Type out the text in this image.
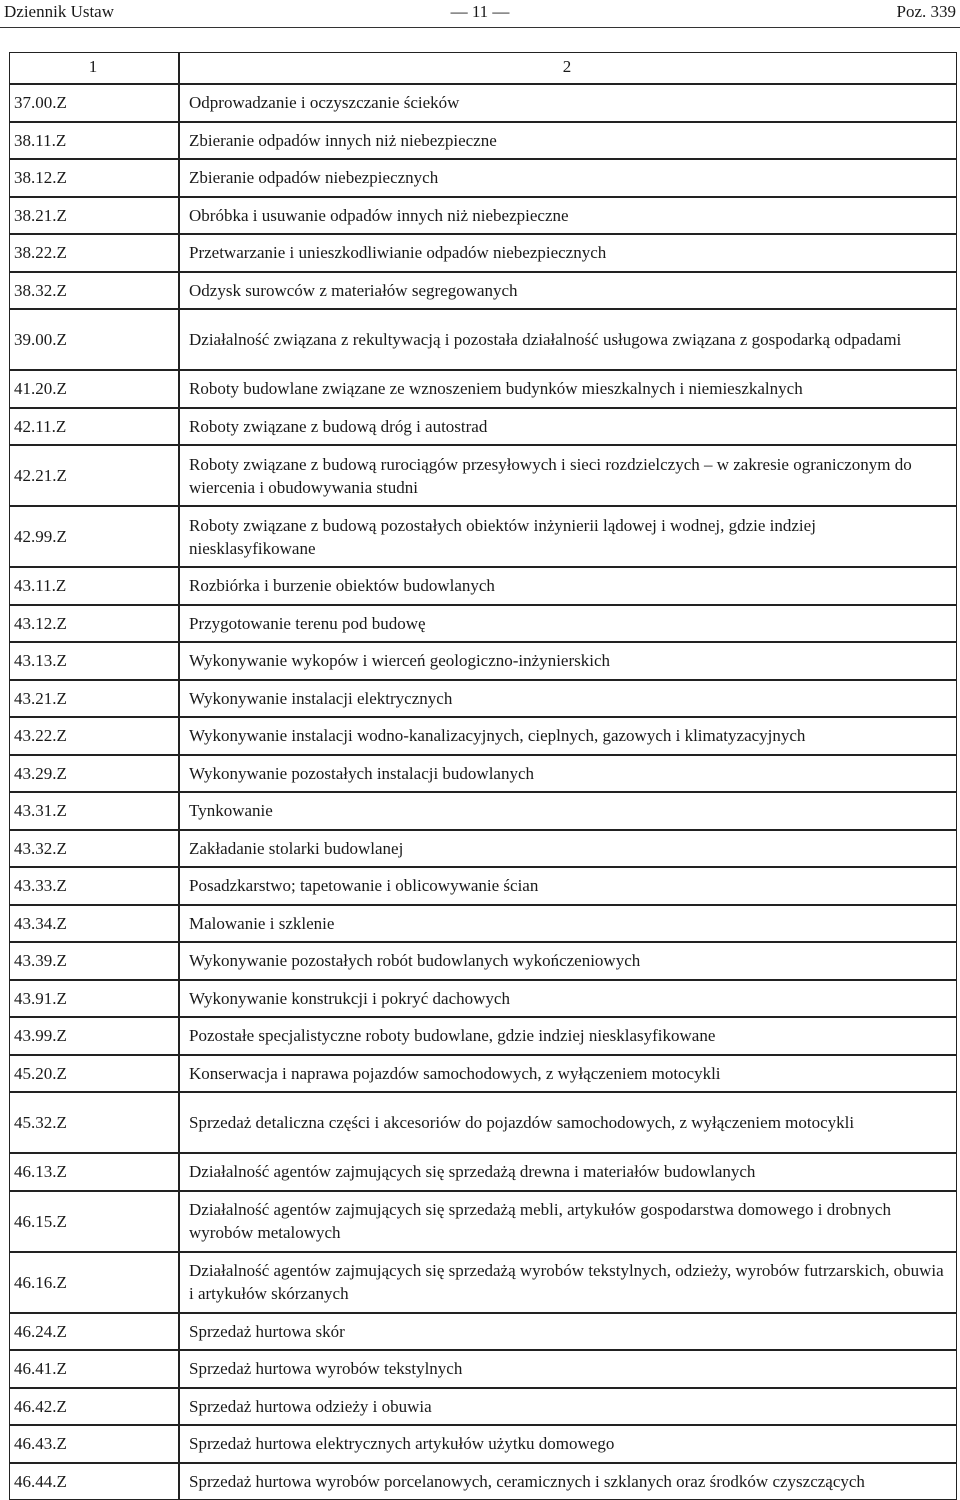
Dziennik Ustaw	— 11 —	Poz. 339
1	2
37.00.Z	Odprowadzanie i oczyszczanie ścieków
38.11.Z	Zbieranie odpadów innych niż niebezpieczne
38.12.Z	Zbieranie odpadów niebezpiecznych
38.21.Z	Obróbka i usuwanie odpadów innych niż niebezpieczne
38.22.Z	Przetwarzanie i unieszkodliwianie odpadów niebezpiecznych
38.32.Z	Odzysk surowców z materiałów segregowanych
39.00.Z	Działalność związana z rekultywacją i pozostała działalność usługowa związana z gospodarką odpadami
41.20.Z	Roboty budowlane związane ze wznoszeniem budynków mieszkalnych i niemieszkalnych
42.11.Z	Roboty związane z budową dróg i autostrad
42.21.Z	Roboty związane z budową rurociągów przesyłowych i sieci rozdzielczych – w zakresie ograniczonym do wiercenia i obudowywania studni
42.99.Z	Roboty związane z budową pozostałych obiektów inżynierii lądowej i wodnej, gdzie indziej niesklasyfikowane
43.11.Z	Rozbiórka i burzenie obiektów budowlanych
43.12.Z	Przygotowanie terenu pod budowę
43.13.Z	Wykonywanie wykopów i wierceń geologiczno-inżynierskich
43.21.Z	Wykonywanie instalacji elektrycznych
43.22.Z	Wykonywanie instalacji wodno-kanalizacyjnych, cieplnych, gazowych i klimatyzacyjnych
43.29.Z	Wykonywanie pozostałych instalacji budowlanych
43.31.Z	Tynkowanie
43.32.Z	Zakładanie stolarki budowlanej
43.33.Z	Posadzkarstwo; tapetowanie i oblicowywanie ścian
43.34.Z	Malowanie i szklenie
43.39.Z	Wykonywanie pozostałych robót budowlanych wykończeniowych
43.91.Z	Wykonywanie konstrukcji i pokryć dachowych
43.99.Z	Pozostałe specjalistyczne roboty budowlane, gdzie indziej niesklasyfikowane
45.20.Z	Konserwacja i naprawa pojazdów samochodowych, z wyłączeniem motocykli
45.32.Z	Sprzedaż detaliczna części i akcesoriów do pojazdów samochodowych, z wyłączeniem motocykli
46.13.Z	Działalność agentów zajmujących się sprzedażą drewna i materiałów budowlanych
46.15.Z	Działalność agentów zajmujących się sprzedażą mebli, artykułów gospodarstwa domowego i drobnych wyrobów metalowych
46.16.Z	Działalność agentów zajmujących się sprzedażą wyrobów tekstylnych, odzieży, wyrobów futrzarskich, obuwia i artykułów skórzanych
46.24.Z	Sprzedaż hurtowa skór
46.41.Z	Sprzedaż hurtowa wyrobów tekstylnych
46.42.Z	Sprzedaż hurtowa odzieży i obuwia
46.43.Z	Sprzedaż hurtowa elektrycznych artykułów użytku domowego
46.44.Z	Sprzedaż hurtowa wyrobów porcelanowych, ceramicznych i szklanych oraz środków czyszczących
